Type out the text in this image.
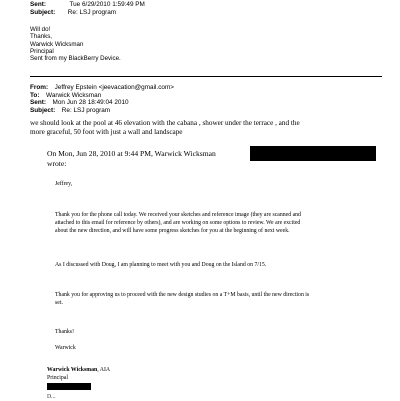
Sent:	Tue 6/29/2010 1:59:49 PM
Subject: Re: LSJ program
Will do!
Thanks,
Warwick Wicksman
Principal
Sent from my BlackBerry Device.
From: Jeffrey Epstein <jeevacation@gmail.com>
To: Warwick Wicksman
Sent: Mon Jun 28 18:49:04 2010
Subject: Re: LSJ program
we should look at the pool at 46 elevation with the cabana , shower under the terrace , and the
more graceful, 50 foot with just a wall and landscape
On Mon, Jun 28, 2010 at 9:44 PM, Warwick Wicksman
wrote:
Jeffrey,
Thank you for the phone call today. We received your sketches and reference image (they are scanned and
attached to this email for reference by others), and are working on some options to review. We are excited
about the new direction, and will have some progress sketches for you at the beginning of next week.
As I discussed with Doug, I am planning to meet with you and Doug on the Island on 7/15.
Thank you for approving us to proceed with the new design studies on a T+M basis, until the new direction is
set.
Thanks!
Warwick
Warwick Wicksman, AIA
Principal
D...
